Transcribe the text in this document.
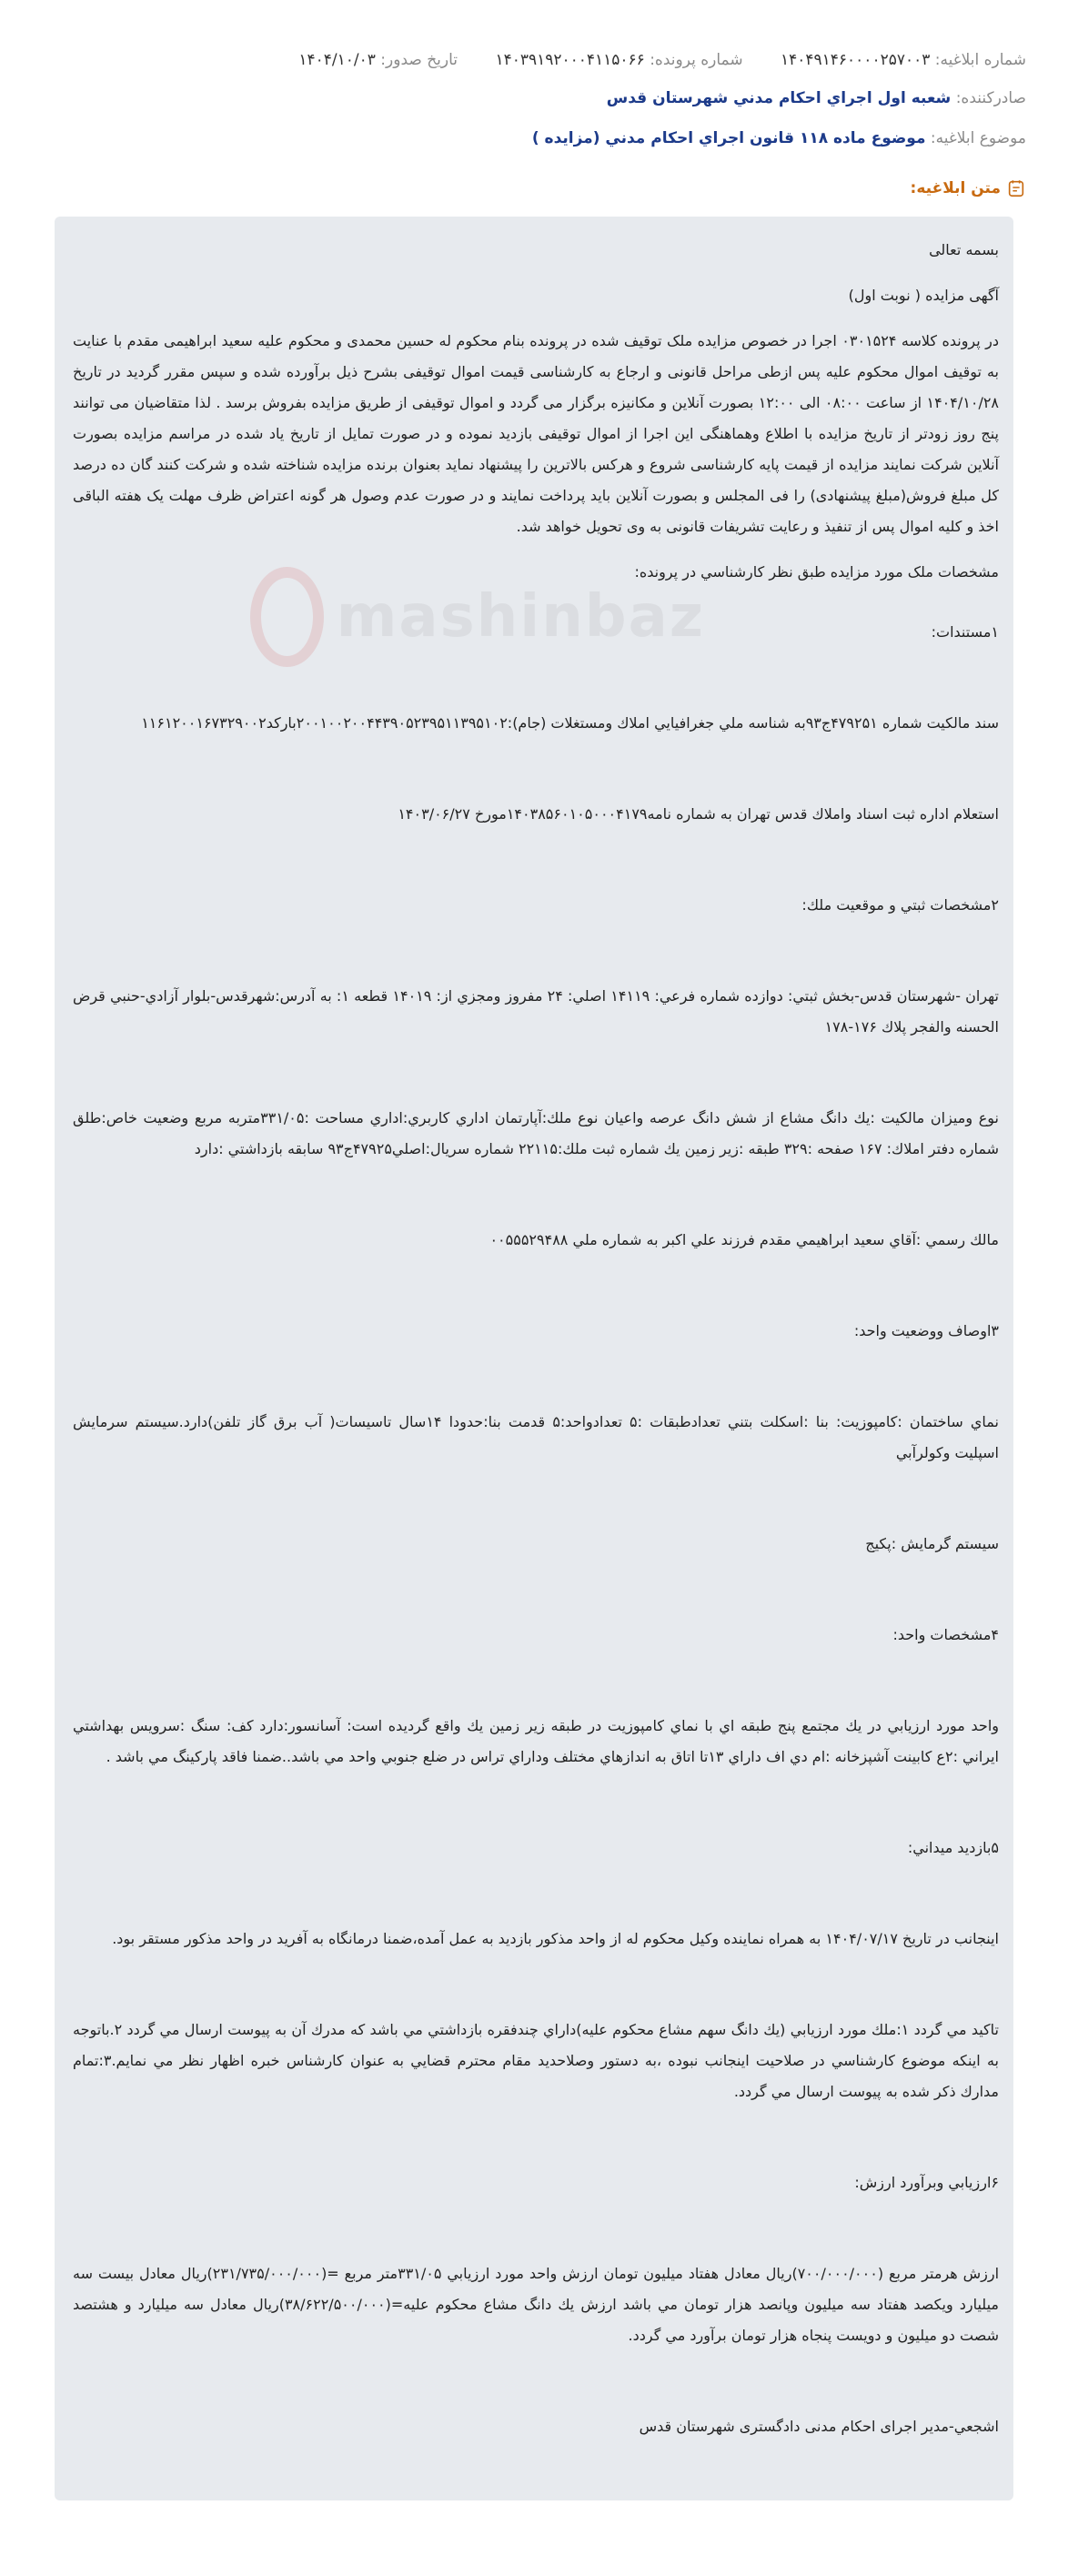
شماره ابلاغيه: ۱۴۰۴۹۱۴۶۰۰۰۰۲۵۷۰۰۳ شماره پرونده: ۱۴۰۳۹۱۹۲۰۰۰۴۱۱۵۰۶۶ تاريخ صدور: ۱۴۰۴/۱۰/۰۳
صادرکننده: شعبه اول اجراي احكام مدني شهرستان قدس
موضوع ابلاغيه: موضوع ماده ۱۱۸ قانون اجراي احکام مدني (مزايده )
متن ابلاغيه:
mashinbaz

بسمه تعالی

آگهی مزایده ( نوبت اول)

در پرونده کلاسه ۰۳۰۱۵۲۴ اجرا در خصوص مزایده ملک توقیف شده در پرونده بنام محکوم له حسین محمدی و محکوم علیه سعید ابراهیمی مقدم با عنایت به توقیف اموال محکوم علیه پس ازطی مراحل قانونی و ارجاع به کارشناسی قیمت اموال توقیفی بشرح ذیل برآورده شده و سپس مقرر گردید در تاریخ ۱۴۰۴/۱۰/۲۸ از ساعت ۰۸:۰۰ الی ۱۲:۰۰ بصورت آنلاین و مکانیزه برگزار می گردد و اموال توقیفی از طریق مزایده بفروش برسد . لذا متقاضیان می توانند پنج روز زودتر از تاریخ مزایده با اطلاع وهماهنگی این اجرا از اموال توقیفی بازدید نموده و در صورت تمایل از تاریخ یاد شده در مراسم مزایده بصورت آنلاین شرکت نمایند مزایده از قیمت پایه کارشناسی شروع و هرکس بالاترین را پیشنهاد نماید بعنوان برنده مزایده شناخته شده و شرکت کنند گان ده درصد کل مبلغ فروش(مبلغ پیشنهادی) را فی المجلس و بصورت آنلاین باید پرداخت نمایند و در صورت عدم وصول هر گونه اعتراض ظرف مهلت یک هفته الباقی اخذ و کلیه اموال پس از تنفیذ و رعایت تشریفات قانونی به وی تحویل خواهد شد.

مشخصات ملک مورد مزايده طبق نظر کارشناسي در پرونده:

۱مستندات:

سند مالكيت شماره ۴۷۹۲۵۱ج۹۳به شناسه ملي جغرافيايي املاك ومستغلات (جام):۲۰۰۱۰۰۲۰۰۴۴۳۹۰۵۲۳۹۵۱۱۳۹۵۱۰۲بارکد۱۱۶۱۲۰۰۱۶۷۳۲۹۰۰۲

استعلام اداره ثبت اسناد واملاك قدس تهران به شماره نامه۱۴۰۳۸۵۶۰۱۰۵۰۰۰۴۱۷۹مورخ ۱۴۰۳/۰۶/۲۷

۲مشخصات ثبتي و موقعيت ملك:

تهران -شهرستان قدس-بخش ثبتي: دوازده شماره فرعي: ۱۴۱۱۹ اصلي: ۲۴ مفروز ومجزي از: ۱۴۰۱۹ قطعه ۱: به آدرس:شهرقدس-بلوار آزادي-حنبي قرض الحسنه والفجر پلاك ۱۷۶-۱۷۸

نوع وميزان مالكيت :يك دانگ مشاع از شش دانگ عرصه واعيان نوع ملك:آپارتمان اداري كاربري:اداري مساحت :۳۳۱/۰۵متربه مربع وضعيت خاص:طلق شماره دفتر املاك: ۱۶۷ صفحه :۳۲۹ طبقه :زير زمين يك شماره ثبت ملك:۲۲۱۱۵ شماره سريال:اصلي۴۷۹۲۵ج۹۳ سابقه بازداشتي :دارد

مالك رسمي :آقاي سعيد ابراهيمي مقدم فرزند علي اكبر به شماره ملي ۰۰۵۵۵۲۹۴۸۸

۳اوصاف ووضعيت واحد:

نماي ساختمان :كامپوزيت: بنا :اسكلت بتني تعدادطبقات :۵ تعدادواحد:۵ قدمت بنا:حدودا ۱۴سال تاسيسات( آب برق گاز تلفن)دارد.سيستم سرمايش اسپليت وكولرآبي

سيستم گرمايش :پكيج

۴مشخصات واحد:

واحد مورد ارزيابي در يك مجتمع پنج طبقه اي با نماي كامپوزيت در طبقه زير زمين يك واقع گرديده است: آسانسور:دارد كف: سنگ :سرويس بهداشتي ايراني :۲ع كابينت آشپزخانه :ام دي اف داراي ۱۳تا اتاق به اندازهاي مختلف وداراي تراس در ضلع جنوبي واحد مي باشد..ضمنا فاقد پاركينگ مي باشد .

۵بازديد ميداني:

اينجانب در تاريخ ۱۴۰۴/۰۷/۱۷ به همراه نماينده وكيل محكوم له از واحد مذكور بازديد به عمل آمده،ضمنا درمانگاه به آفريد در واحد مذكور مستقر بود.

تاكيد مي گردد ۱:ملك مورد ارزيابي (يك دانگ سهم مشاع محكوم عليه)داراي چندفقره بازداشتي مي باشد كه مدرك آن به پيوست ارسال مي گردد ۲.باتوجه به اينكه موضوع كارشناسي در صلاحيت اينجانب نبوده ،به دستور وصلاحديد مقام محترم قضايي به عنوان كارشناس خبره اظهار نظر مي نمايم.۳:تمام مدارك ذكر شده به پيوست ارسال مي گردد.

۶ارزيابي وبرآورد ارزش:

ارزش هرمتر مربع (۷۰۰/۰۰۰/۰۰۰)ريال معادل هفتاد ميليون تومان ارزش واحد مورد ارزيابي ۳۳۱/۰۵متر مربع =(۲۳۱/۷۳۵/۰۰۰/۰۰۰)ريال معادل بيست سه ميليارد ويكصد هفتاد سه ميليون وپانصد هزار تومان مي باشد ارزش يك دانگ مشاع محكوم عليه=(۳۸/۶۲۲/۵۰۰/۰۰۰)ريال معادل سه ميليارد و هشتصد شصت دو ميليون و دويست پنجاه هزار تومان برآورد مي گردد.

اشجعي-مدير اجرای احکام مدنی دادگستری شهرستان قدس
